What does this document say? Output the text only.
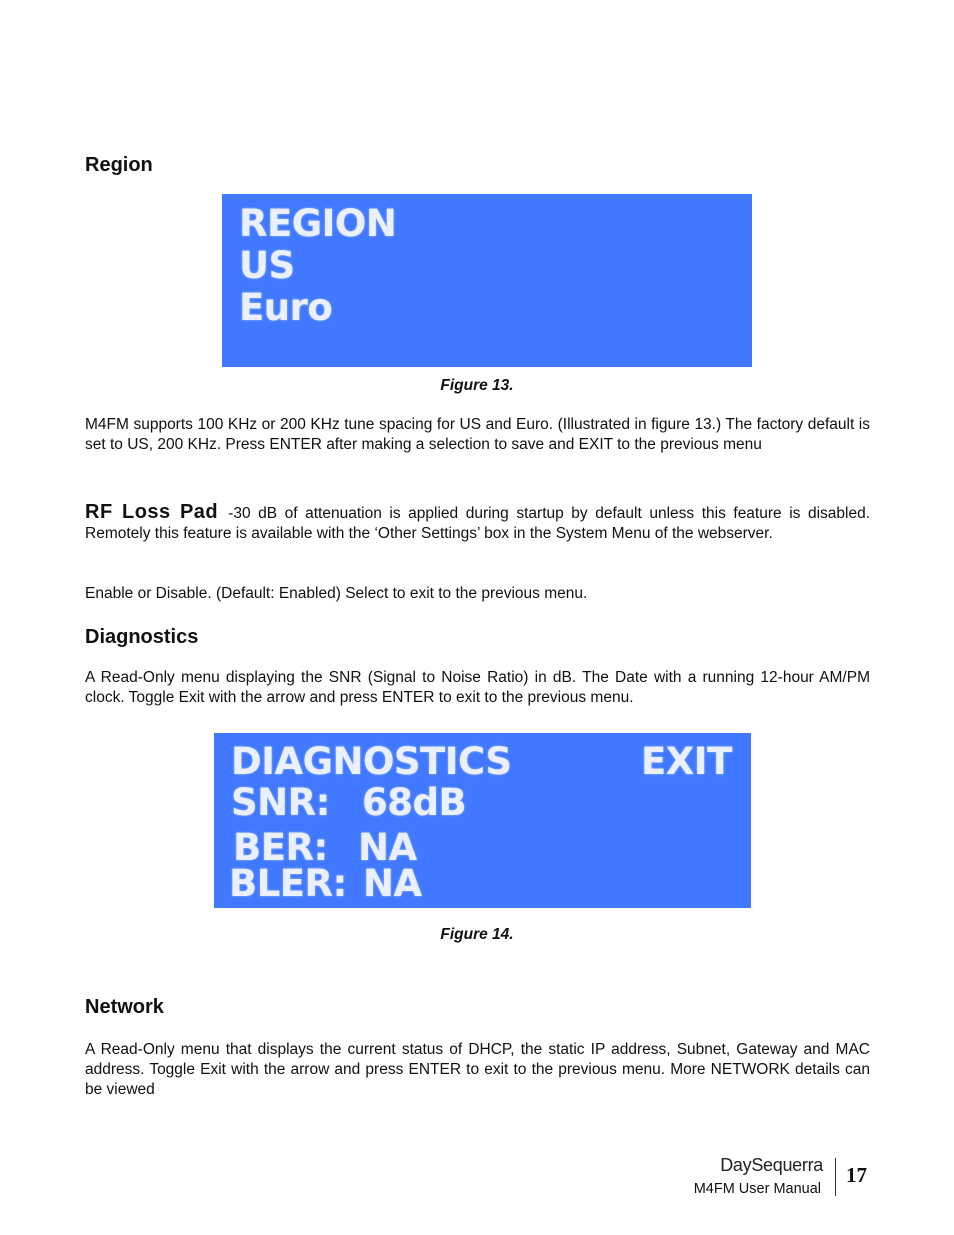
Region
REGION
US
Euro
Figure 13.
M4FM supports 100 KHz or 200 KHz tune spacing for US and Euro. (Illustrated in figure 13.) The factory default is set to US, 200 KHz. Press ENTER after making a selection to save and EXIT to the previous menu
RF Loss Pad -30 dB of attenuation is applied during startup by default unless this feature is disabled. Remotely this feature is available with the ‘Other Settings’ box in the System Menu of the webserver.
Enable or Disable. (Default: Enabled) Select to exit to the previous menu.
Diagnostics
A Read-Only menu displaying the SNR (Signal to Noise Ratio) in dB. The Date with a running 12-hour AM/PM clock. Toggle Exit with the arrow and press ENTER to exit to the previous menu.
DIAGNOSTICS	EXIT
SNR: 68dB
BER: NA
BLER: NA
Figure 14.
Network
A Read-Only menu that displays the current status of DHCP, the static IP address, Subnet, Gateway and MAC address. Toggle Exit with the arrow and press ENTER to exit to the previous menu. More NETWORK details can be viewed
DaySequerra
M4FM User Manual
17
